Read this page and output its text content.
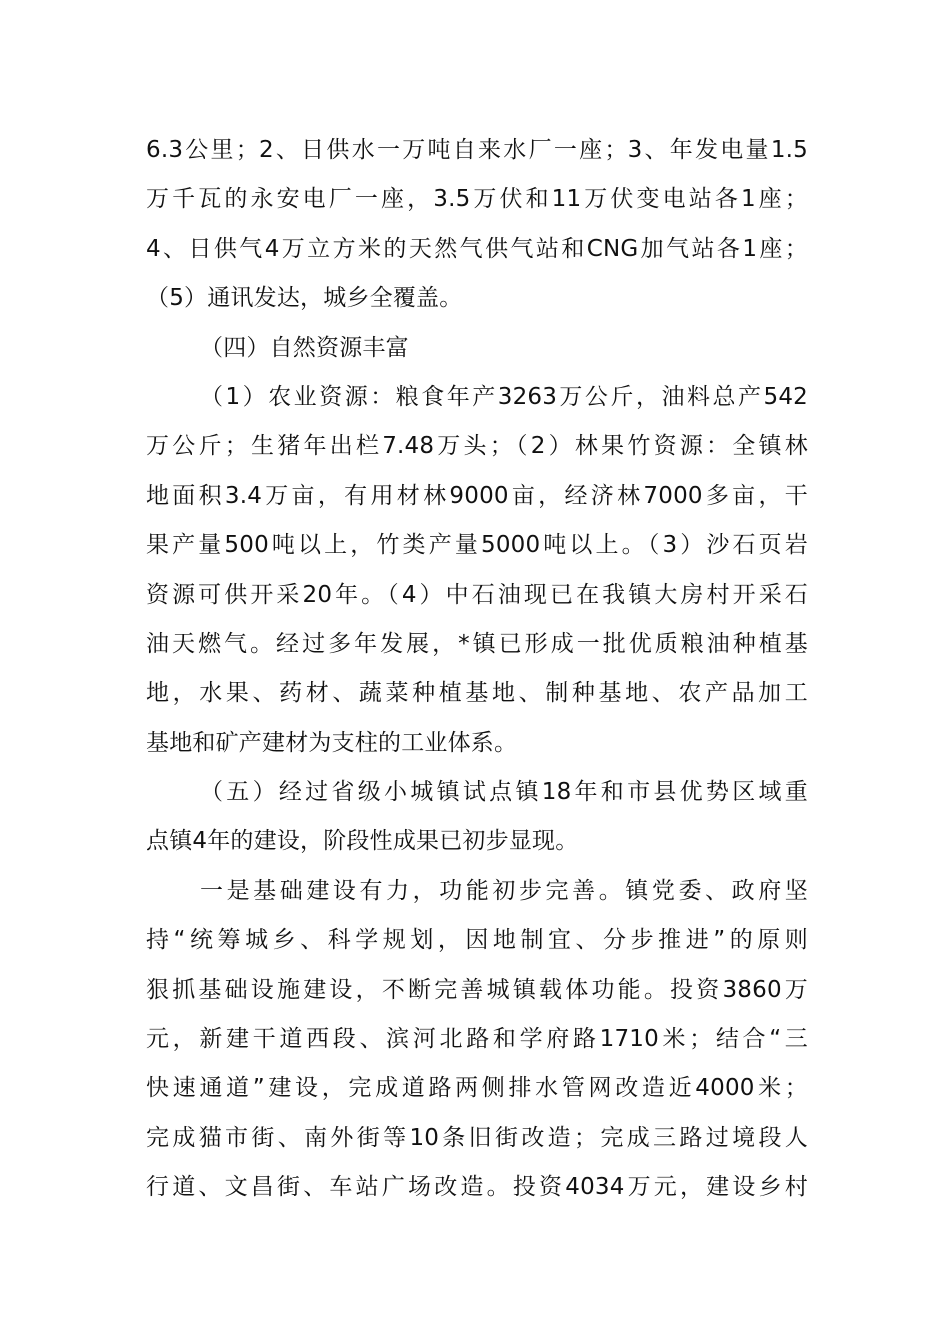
6.3公里；2、日供水一万吨自来水厂一座；3、年发电量1.5
万千瓦的永安电厂一座，3.5万伏和11万伏变电站各1座；
4、日供气4万立方米的天然气供气站和CNG加气站各1座；
（5）通讯发达，城乡全覆盖。
（四）自然资源丰富
（1）农业资源：粮食年产3263万公斤，油料总产542
万公斤；生猪年出栏7.48万头；（2）林果竹资源：全镇林
地面积3.4万亩，有用材林9000亩，经济林7000多亩，干
果产量500吨以上，竹类产量5000吨以上。（3）沙石页岩
资源可供开采20年。（4）中石油现已在我镇大房村开采石
油天燃气。经过多年发展，*镇已形成一批优质粮油种植基
地，水果、药材、蔬菜种植基地、制种基地、农产品加工
基地和矿产建材为支柱的工业体系。
（五）经过省级小城镇试点镇18年和市县优势区域重
点镇4年的建设，阶段性成果已初步显现。
一是基础建设有力，功能初步完善。镇党委、政府坚
持“统筹城乡、科学规划，因地制宜、分步推进”的原则
狠抓基础设施建设，不断完善城镇载体功能。投资3860万
元，新建干道西段、滨河北路和学府路1710米；结合“三
快速通道”建设，完成道路两侧排水管网改造近4000米；
完成猫市街、南外街等10条旧街改造；完成三路过境段人
行道、文昌街、车站广场改造。投资4034万元，建设乡村
